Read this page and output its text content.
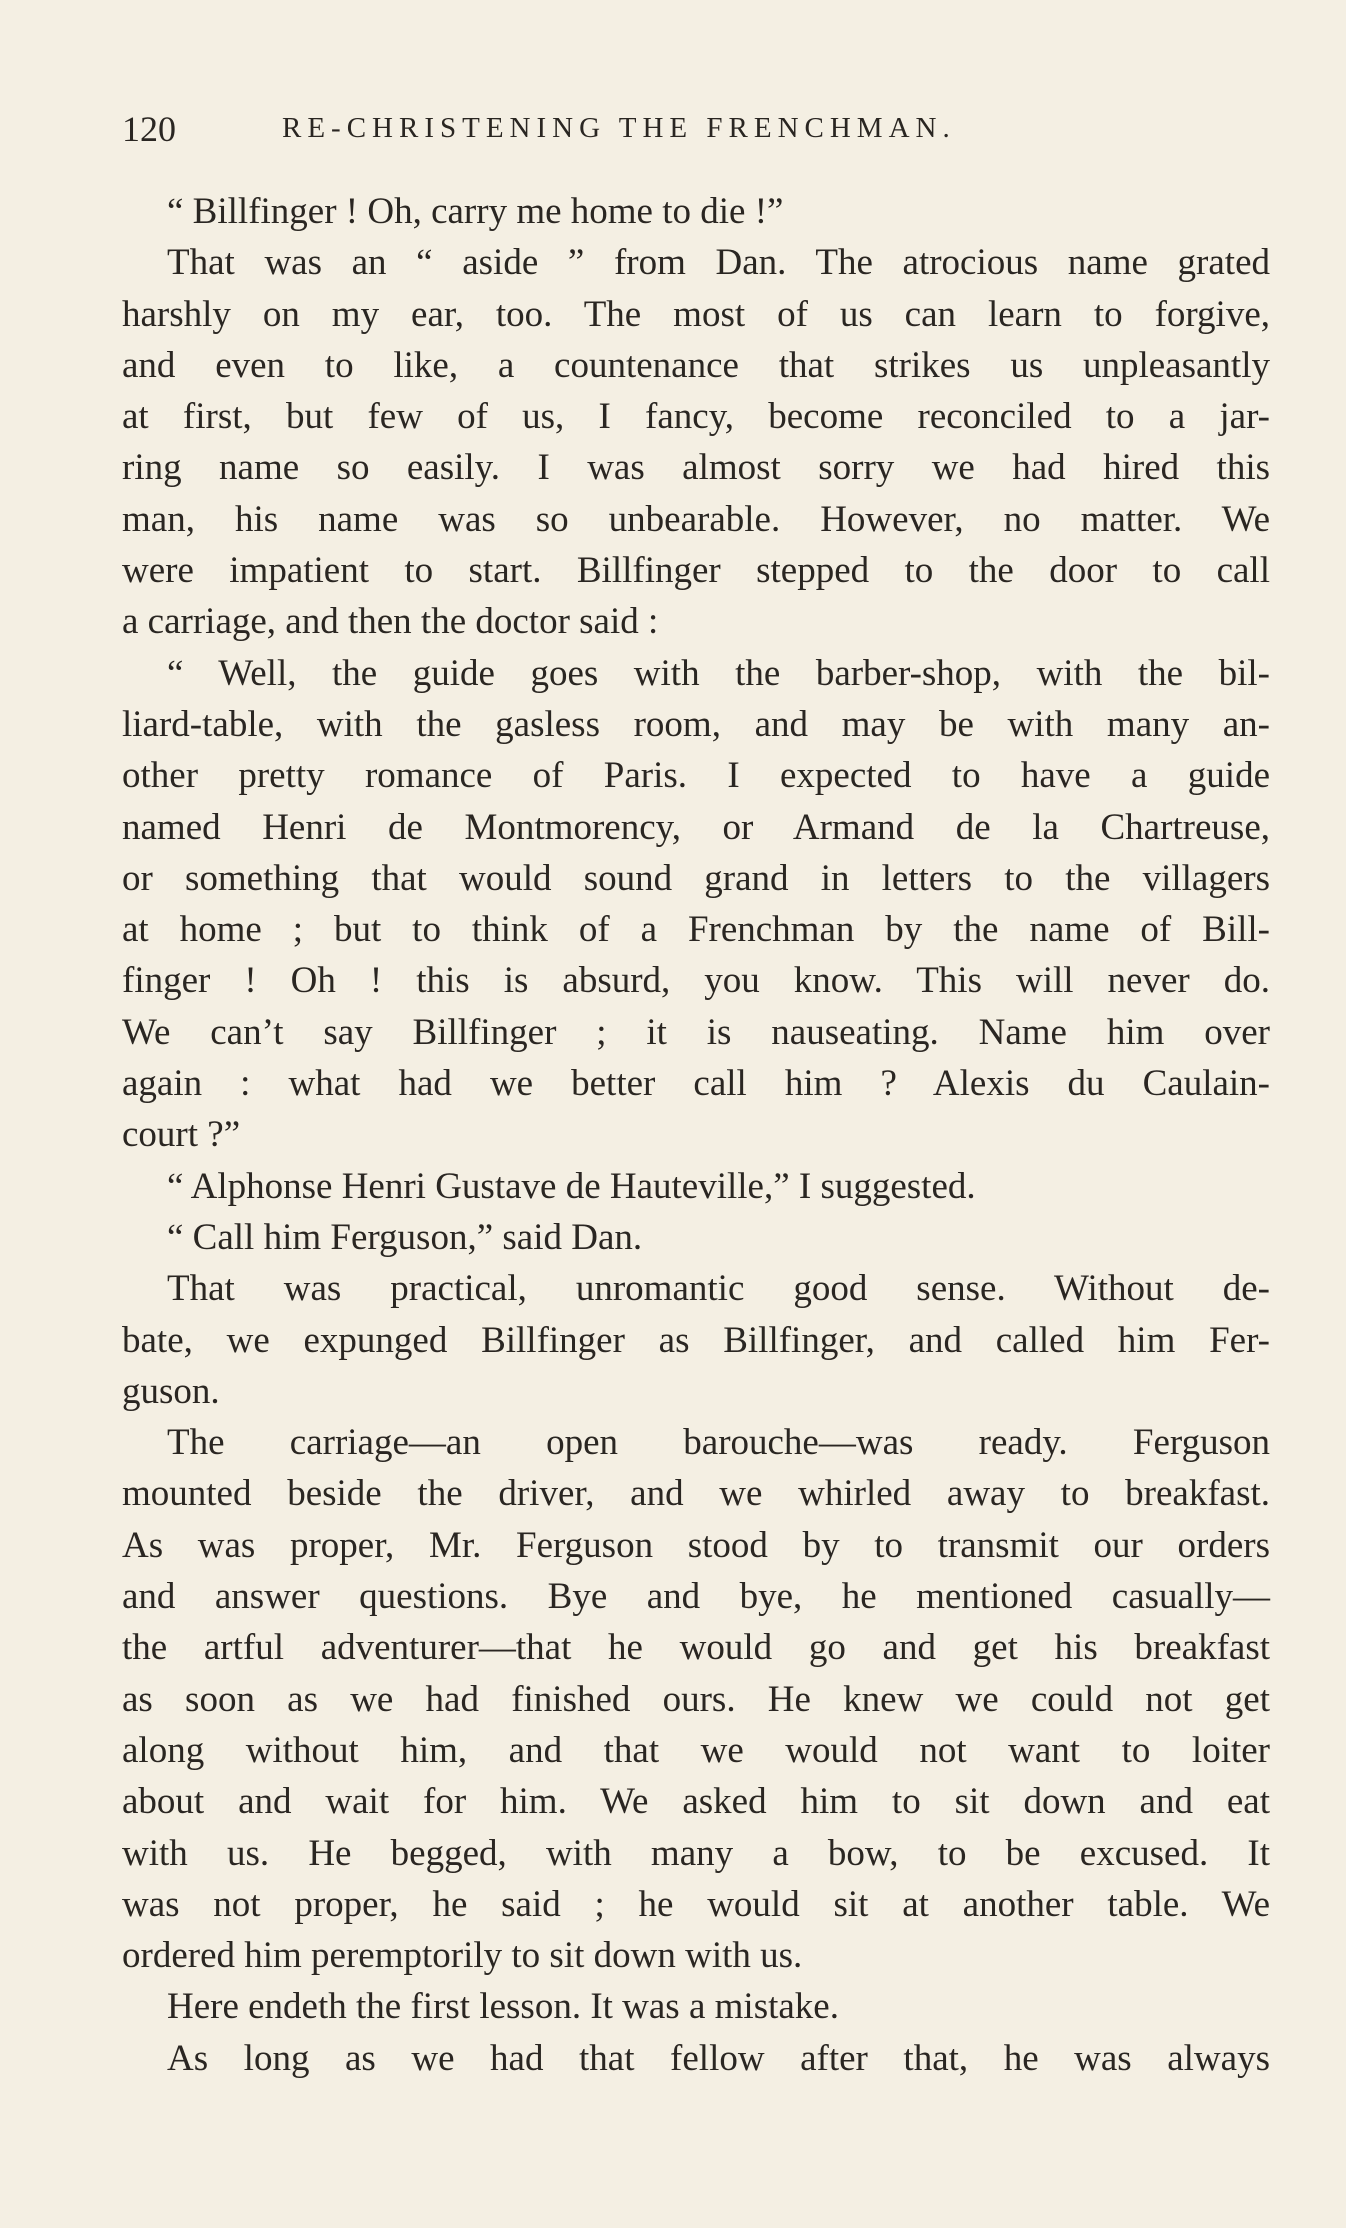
120	RE-CHRISTENING THE FRENCHMAN.
“ Billfinger ! Oh, carry me home to die !”
That was an “ aside ” from Dan. The atrocious name grated
harshly on my ear, too. The most of us can learn to forgive,
and even to like, a countenance that strikes us unpleasantly
at first, but few of us, I fancy, become reconciled to a jar-
ring name so easily. I was almost sorry we had hired this
man, his name was so unbearable. However, no matter. We
were impatient to start. Billfinger stepped to the door to call
a carriage, and then the doctor said :
“ Well, the guide goes with the barber-shop, with the bil-
liard-table, with the gasless room, and may be with many an-
other pretty romance of Paris. I expected to have a guide
named Henri de Montmorency, or Armand de la Chartreuse,
or something that would sound grand in letters to the villagers
at home ; but to think of a Frenchman by the name of Bill-
finger ! Oh ! this is absurd, you know. This will never do.
We can’t say Billfinger ; it is nauseating. Name him over
again : what had we better call him ? Alexis du Caulain-
court ?”
“ Alphonse Henri Gustave de Hauteville,” I suggested.
“ Call him Ferguson,” said Dan.
That was practical, unromantic good sense. Without de-
bate, we expunged Billfinger as Billfinger, and called him Fer-
guson.
The carriage—an open barouche—was ready. Ferguson
mounted beside the driver, and we whirled away to breakfast.
As was proper, Mr. Ferguson stood by to transmit our orders
and answer questions. Bye and bye, he mentioned casually—
the artful adventurer—that he would go and get his breakfast
as soon as we had finished ours. He knew we could not get
along without him, and that we would not want to loiter
about and wait for him. We asked him to sit down and eat
with us. He begged, with many a bow, to be excused. It
was not proper, he said ; he would sit at another table. We
ordered him peremptorily to sit down with us.
Here endeth the first lesson. It was a mistake.
As long as we had that fellow after that, he was always
